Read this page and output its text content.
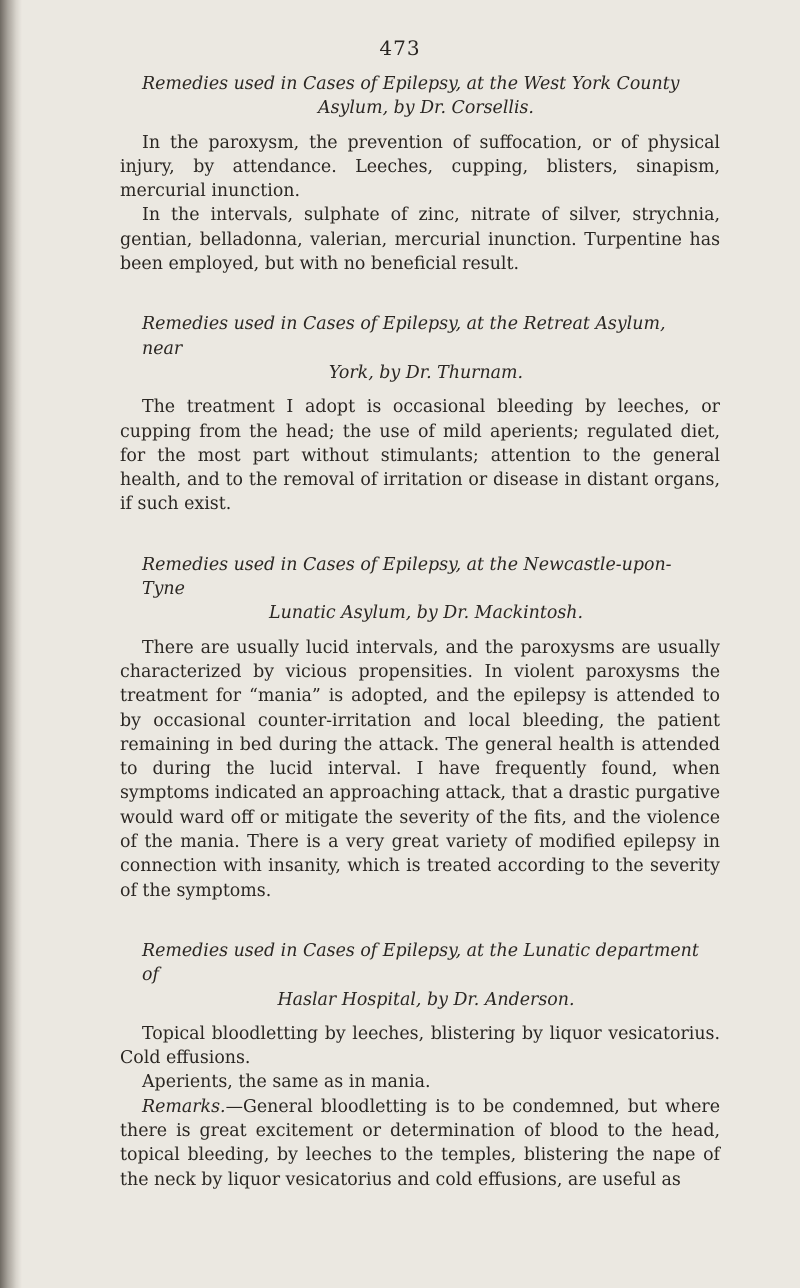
473

Remedies used in Cases of Epilepsy, at the West York County
Asylum, by Dr. Corsellis.

In the paroxysm, the prevention of suffocation, or of physical injury, by attendance. Leeches, cupping, blisters, sinapism, mercurial inunction.

In the intervals, sulphate of zinc, nitrate of silver, strychnia, gentian, belladonna, valerian, mercurial inunction. Turpentine has been employed, but with no beneficial result.

Remedies used in Cases of Epilepsy, at the Retreat Asylum, near
York, by Dr. Thurnam.

The treatment I adopt is occasional bleeding by leeches, or cupping from the head; the use of mild aperients; regulated diet, for the most part without stimulants; attention to the general health, and to the removal of irritation or disease in distant organs, if such exist.

Remedies used in Cases of Epilepsy, at the Newcastle-upon-Tyne
Lunatic Asylum, by Dr. Mackintosh.

There are usually lucid intervals, and the paroxysms are usually characterized by vicious propensities. In violent paroxysms the treatment for “mania” is adopted, and the epilepsy is attended to by occasional counter-irritation and local bleeding, the patient remaining in bed during the attack. The general health is attended to during the lucid interval. I have frequently found, when symptoms indicated an approaching attack, that a drastic purgative would ward off or mitigate the severity of the fits, and the violence of the mania. There is a very great variety of modified epilepsy in connection with insanity, which is treated according to the severity of the symptoms.

Remedies used in Cases of Epilepsy, at the Lunatic department of
Haslar Hospital, by Dr. Anderson.

Topical bloodletting by leeches, blistering by liquor vesicatorius. Cold effusions.

Aperients, the same as in mania.

Remarks.—General bloodletting is to be condemned, but where there is great excitement or determination of blood to the head, topical bleeding, by leeches to the temples, blistering the nape of the neck by liquor vesicatorius and cold effusions, are useful as
